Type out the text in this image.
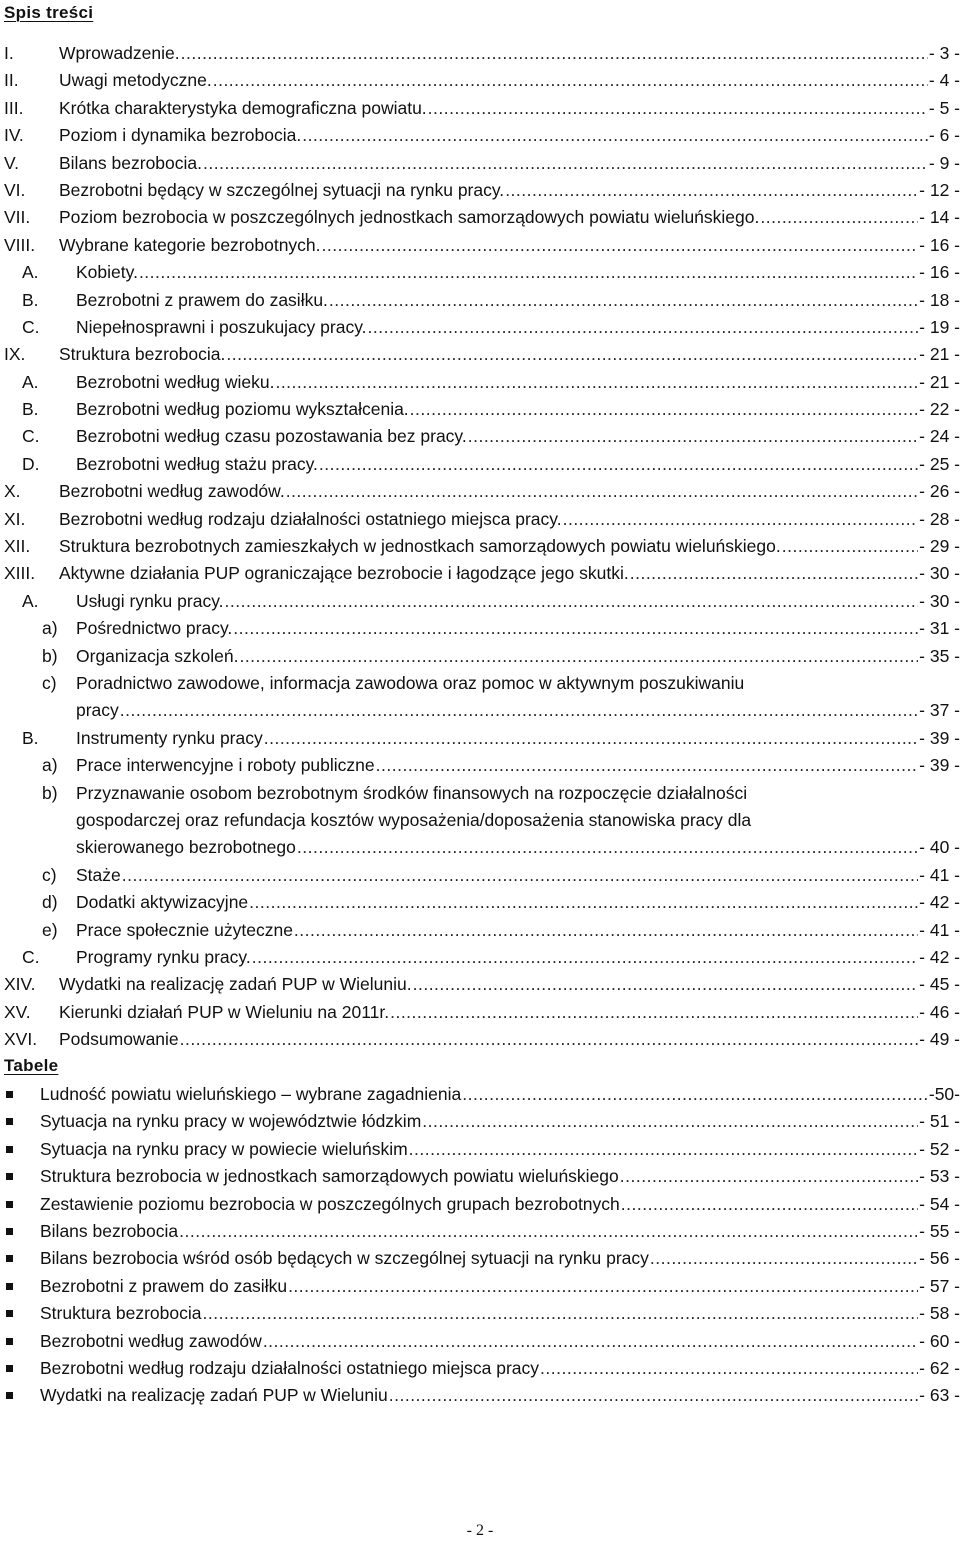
Spis treści
I.	Wprowadzenie. .....	- 3 -
II. Uwagi metodyczne. .....	- 4 -
III. Krótka charakterystyka demograficzna powiatu. .....	- 5 -
IV. Poziom i dynamika bezrobocia. .....	- 6 -
V. Bilans bezrobocia. .....	- 9 -
VI. Bezrobotni będący w szczególnej sytuacji na rynku pracy. .....	- 12 -
VII. Poziom bezrobocia w poszczególnych jednostkach samorządowych powiatu wieluńskiego. .....	- 14 -
VIII. Wybrane kategorie bezrobotnych. .....	- 16 -
A. Kobiety. .....	- 16 -
B. Bezrobotni z prawem do zasiłku. .....	- 18 -
C. Niepełnosprawni i poszukujacy pracy. .....	- 19 -
IX. Struktura bezrobocia. .....	- 21 -
A. Bezrobotni według wieku. .....	- 21 -
B. Bezrobotni według poziomu wykształcenia. .....	- 22 -
C. Bezrobotni według czasu pozostawania bez pracy. .....	- 24 -
D. Bezrobotni według stażu pracy. .....	- 25 -
X. Bezrobotni według zawodów. .....	- 26 -
XI. Bezrobotni według rodzaju działalności ostatniego miejsca pracy. .....	- 28 -
XII. Struktura bezrobotnych zamieszkałych w jednostkach samorządowych powiatu wieluńskiego. .....	- 29 -
XIII. Aktywne działania PUP ograniczające bezrobocie i łagodzące jego skutki. .....	- 30 -
A. Usługi rynku pracy. .....	- 30 -
a) Pośrednictwo pracy. .....	- 31 -
b) Organizacja szkoleń. .....	- 35 -
c) Poradnictwo zawodowe, informacja zawodowa oraz pomoc w aktywnym poszukiwaniu
pracy .....	- 37 -
B. Instrumenty rynku pracy .....	- 39 -
a) Prace interwencyjne i roboty publiczne .....	- 39 -
b) Przyznawanie osobom bezrobotnym środków finansowych na rozpoczęcie działalności
gospodarczej oraz refundacja kosztów wyposażenia/doposażenia stanowiska pracy dla
skierowanego bezrobotnego .....	- 40 -
c) Staże .....	- 41 -
d) Dodatki aktywizacyjne .....	- 42 -
e) Prace społecznie użyteczne .....	- 41 -
C. Programy rynku pracy. .....	- 42 -
XIV. Wydatki na realizację zadań PUP w Wieluniu. .....	- 45 -
XV. Kierunki działań PUP w Wieluniu na 2011r. .....	- 46 -
XVI. Podsumowanie .....	- 49 -
Tabele
Ludność powiatu wieluńskiego – wybrane zagadnienia .....	-50-
Sytuacja na rynku pracy w województwie łódzkim .....	- 51 -
Sytuacja na rynku pracy w powiecie wieluńskim .....	- 52 -
Struktura bezrobocia w jednostkach samorządowych powiatu wieluńskiego .....	- 53 -
Zestawienie poziomu bezrobocia w poszczególnych grupach bezrobotnych .....	- 54 -
Bilans bezrobocia .....	- 55 -
Bilans bezrobocia wśród osób będących w szczególnej sytuacji na rynku pracy .....	- 56 -
Bezrobotni z prawem do zasiłku .....	- 57 -
Struktura bezrobocia .....	- 58 -
Bezrobotni według zawodów .....	- 60 -
Bezrobotni według rodzaju działalności ostatniego miejsca pracy .....	- 62 -
Wydatki na realizację zadań PUP w Wieluniu .....	- 63 -
- 2 -
